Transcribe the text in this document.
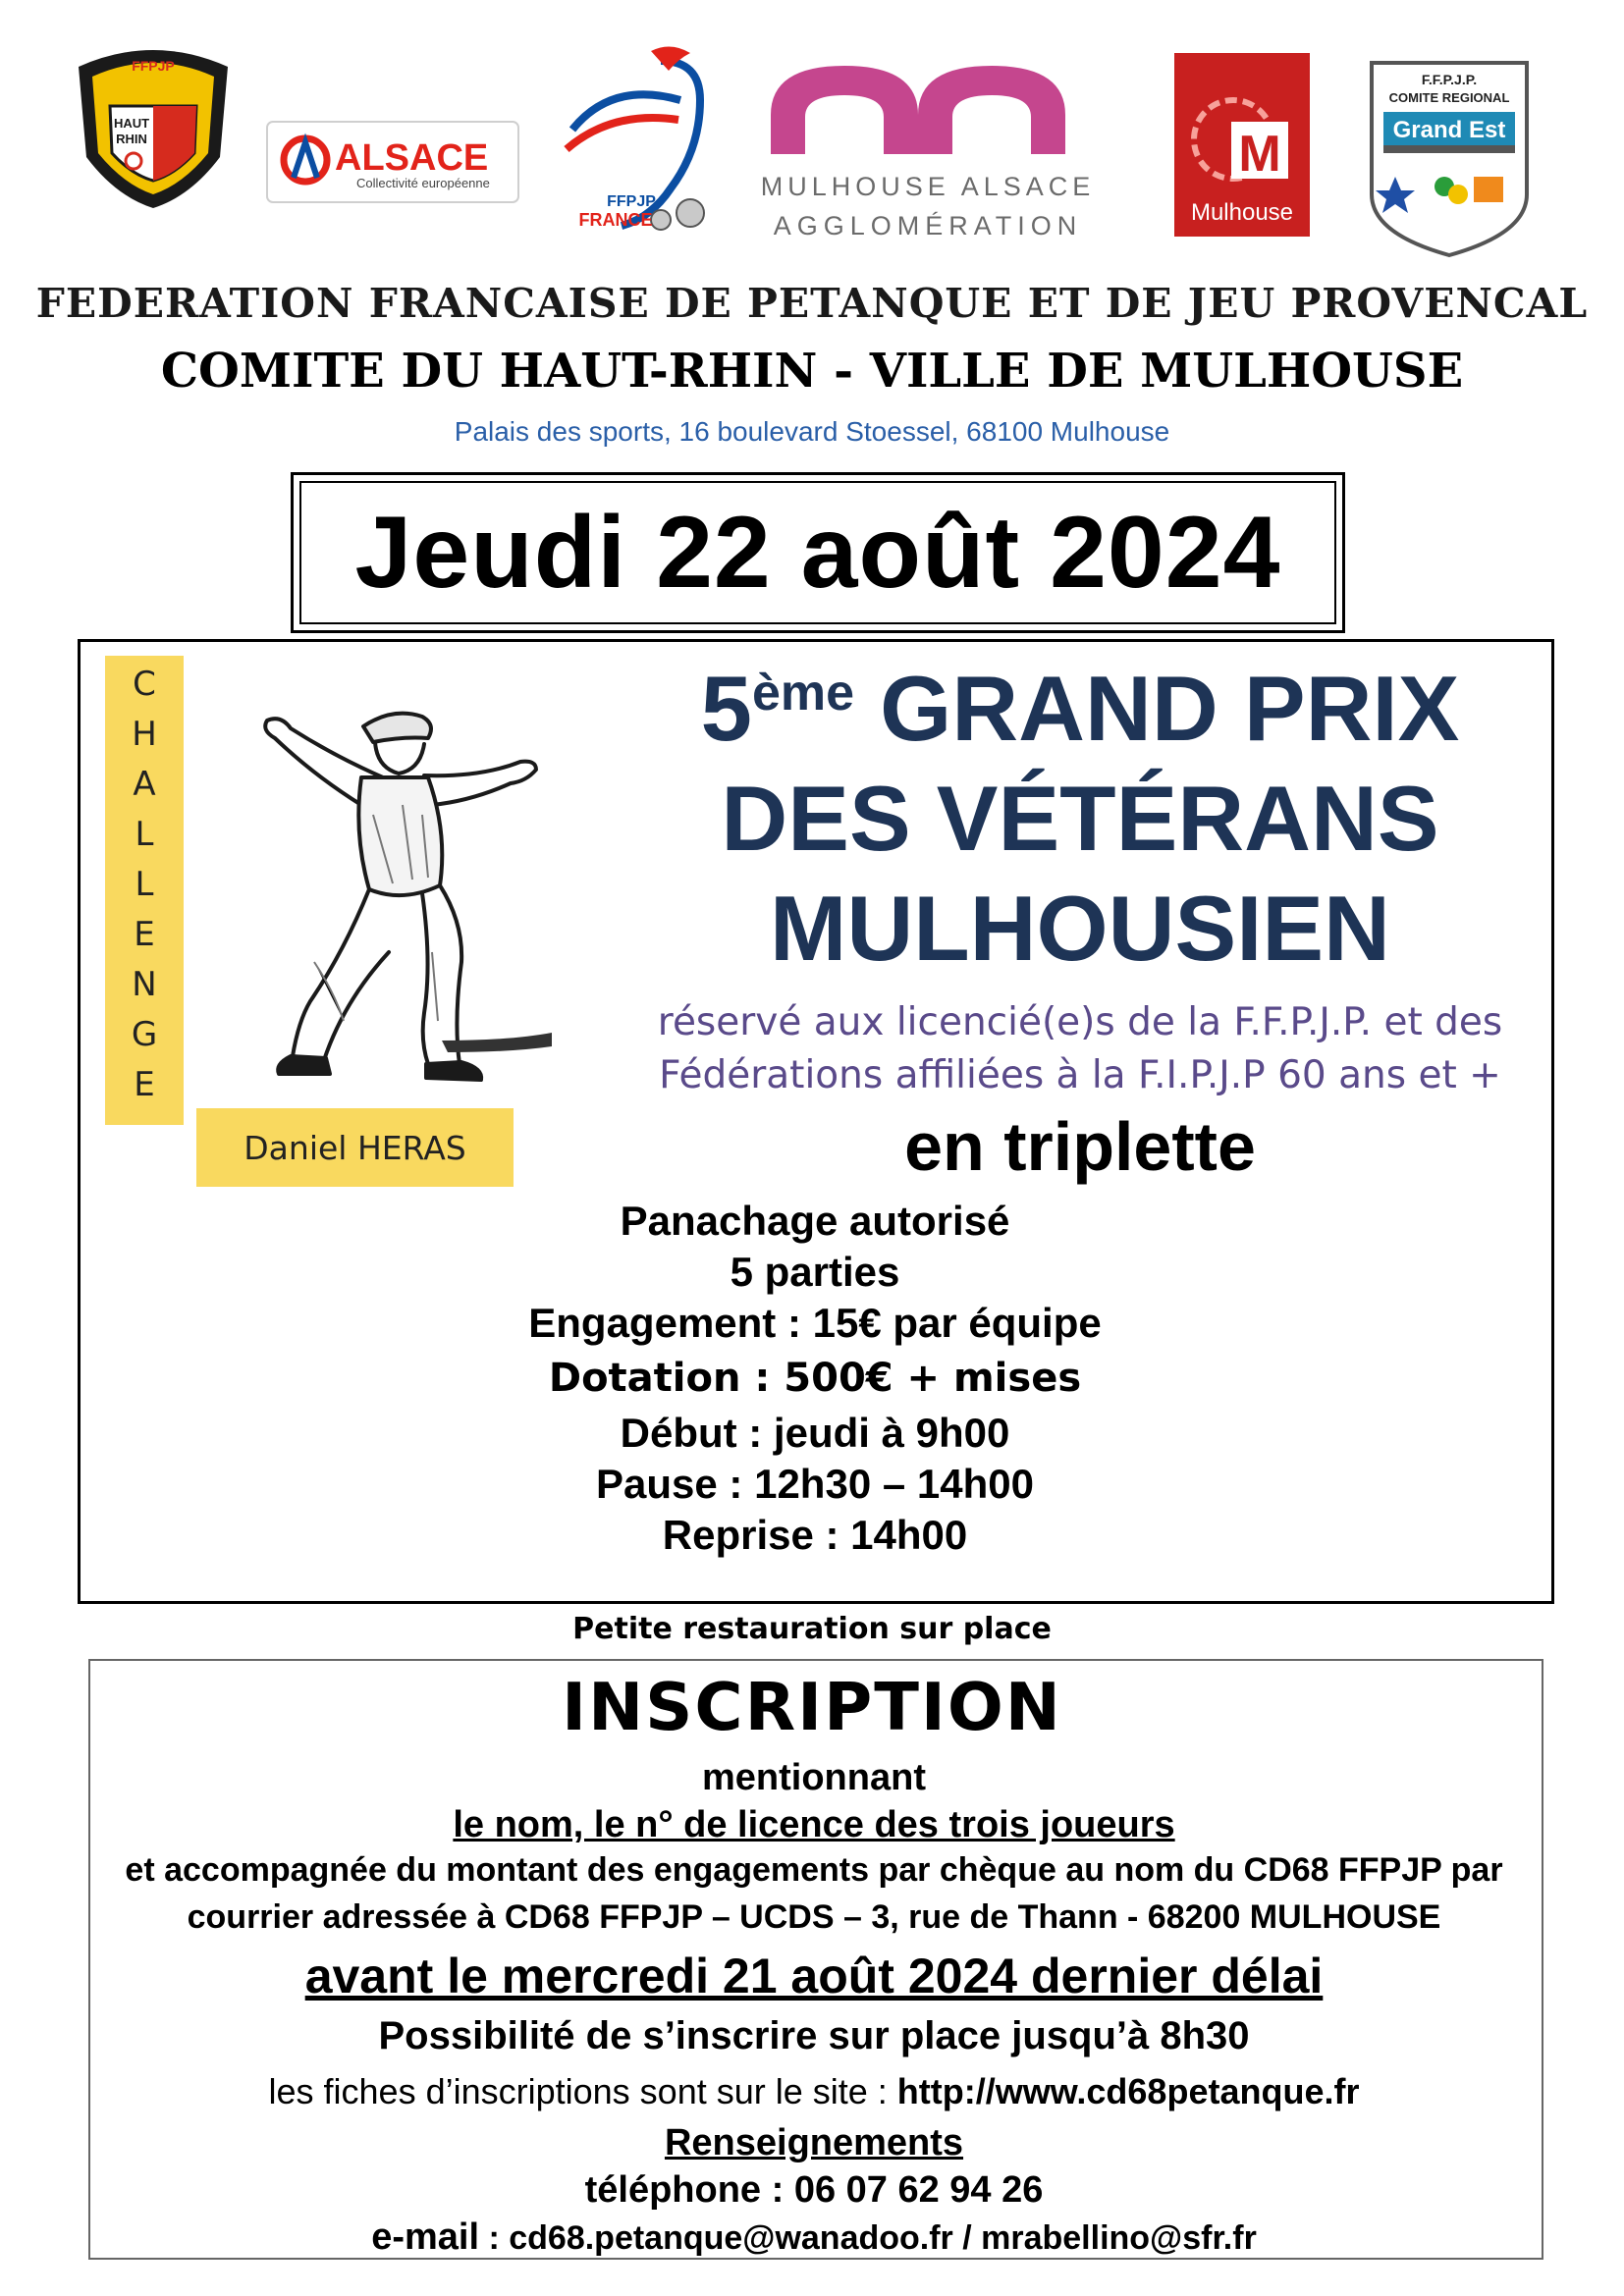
FFPJP
HAUT
RHIN	ALSACE
Collectivité européenne
FFPJP
FRANCE
MULHOUSE ALSACE
AGGLOMÉRATION
M
Mulhouse
F.F.P.J.P.
COMITE REGIONAL
Grand Est
FEDERATION FRANCAISE DE PETANQUE ET DE JEU PROVENCAL
COMITE DU HAUT-RHIN - VILLE DE MULHOUSE
Palais des sports, 16 boulevard Stoessel, 68100 Mulhouse
Jeudi 22 août 2024
C
H
A
L
L
E
N
G
E
Daniel HERAS
5ème GRAND PRIX
DES VÉTÉRANS
MULHOUSIEN
réservé aux licencié(e)s de la F.F.P.J.P. et des
Fédérations affiliées à la F.I.P.J.P 60 ans et +
en triplette
Panachage autorisé
5 parties
Engagement : 15€ par équipe
Dotation : 500€ + mises
Début : jeudi à 9h00
Pause : 12h30 – 14h00
Reprise : 14h00
Petite restauration sur place
INSCRIPTION
mentionnant
le nom, le n° de licence des trois joueurs
et accompagnée du montant des engagements par chèque au nom du CD68 FFPJP par
courrier adressée à CD68 FFPJP – UCDS – 3, rue de Thann - 68200 MULHOUSE
avant le mercredi 21 août 2024 dernier délai
Possibilité de s’inscrire sur place jusqu’à 8h30
les fiches d’inscriptions sont sur le site : http://www.cd68petanque.fr
Renseignements
téléphone : 06 07 62 94 26
e-mail : cd68.petanque@wanadoo.fr / mrabellino@sfr.fr
